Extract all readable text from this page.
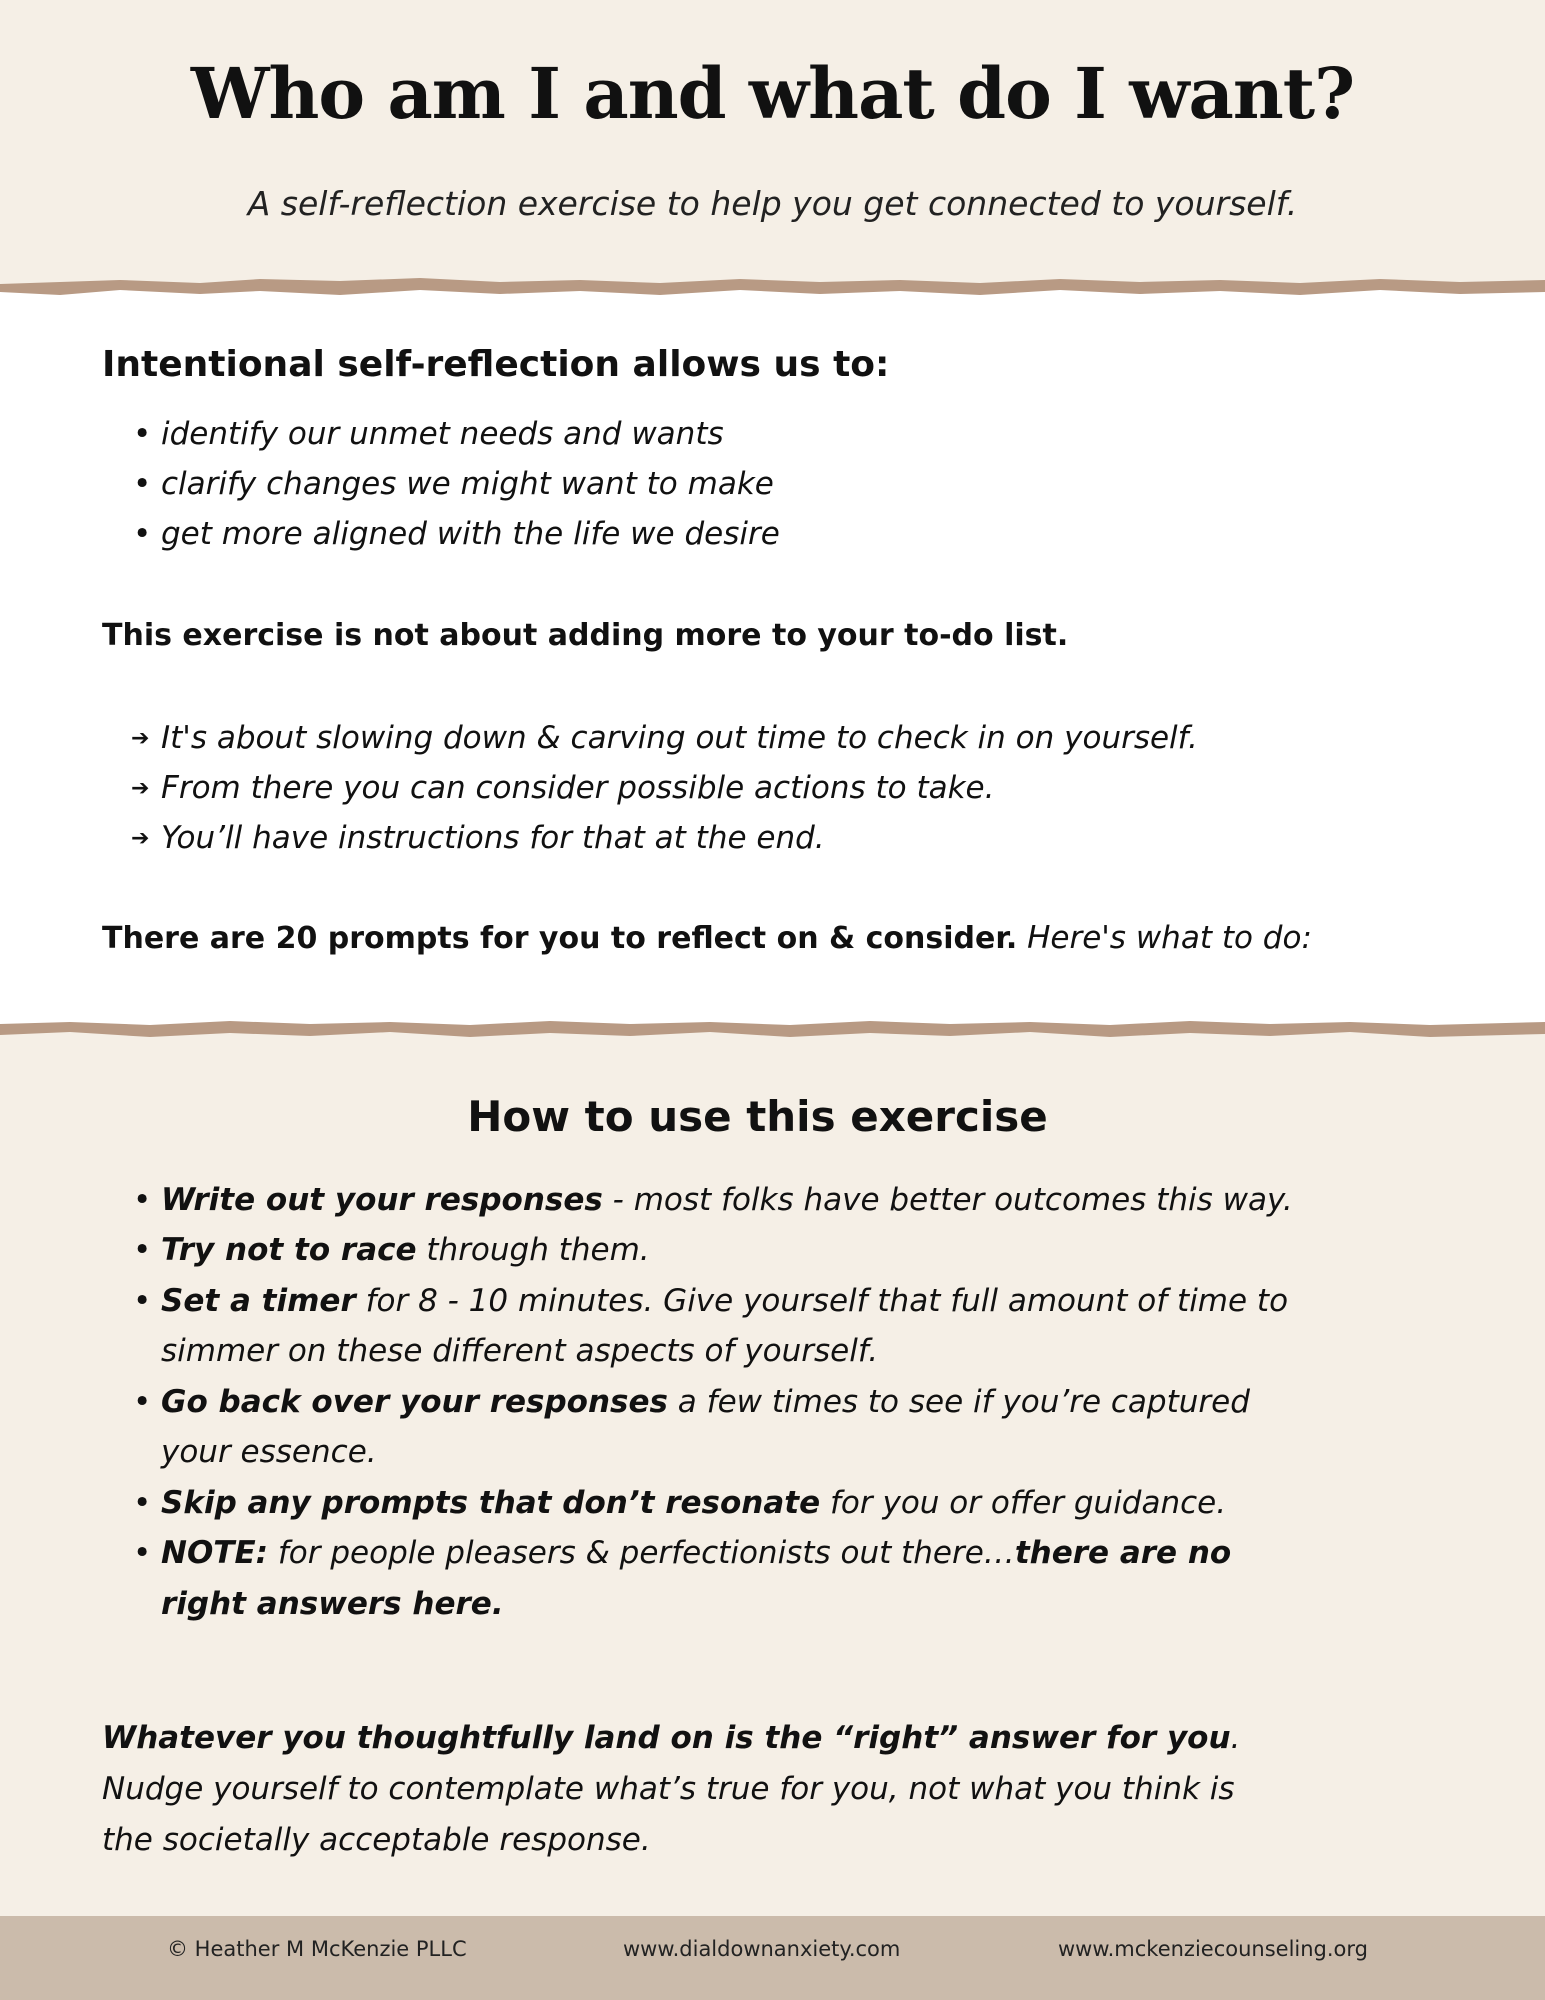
Who am I and what do I want?
A self-reflection exercise to help you get connected to yourself.
Intentional self-reflection allows us to:
• identify our unmet needs and wants
• clarify changes we might want to make
• get more aligned with the life we desire
This exercise is not about adding more to your to-do list.
➔ It's about slowing down & carving out time to check in on yourself.
➔ From there you can consider possible actions to take.
➔ You’ll have instructions for that at the end.
There are 20 prompts for you to reflect on & consider. Here's what to do:
How to use this exercise
• Write out your responses - most folks have better outcomes this way.
• Try not to race through them.
• Set a timer for 8 - 10 minutes. Give yourself that full amount of time to
simmer on these different aspects of yourself.
• Go back over your responses a few times to see if you’re captured
your essence.
• Skip any prompts that don’t resonate for you or offer guidance.
• NOTE: for people pleasers & perfectionists out there…there are no
right answers here.
Whatever you thoughtfully land on is the “right” answer for you.
Nudge yourself to contemplate what’s true for you, not what you think is
the societally acceptable response.
© Heather M McKenzie PLLC	www.dialdownanxiety.com	www.mckenziecounseling.org
